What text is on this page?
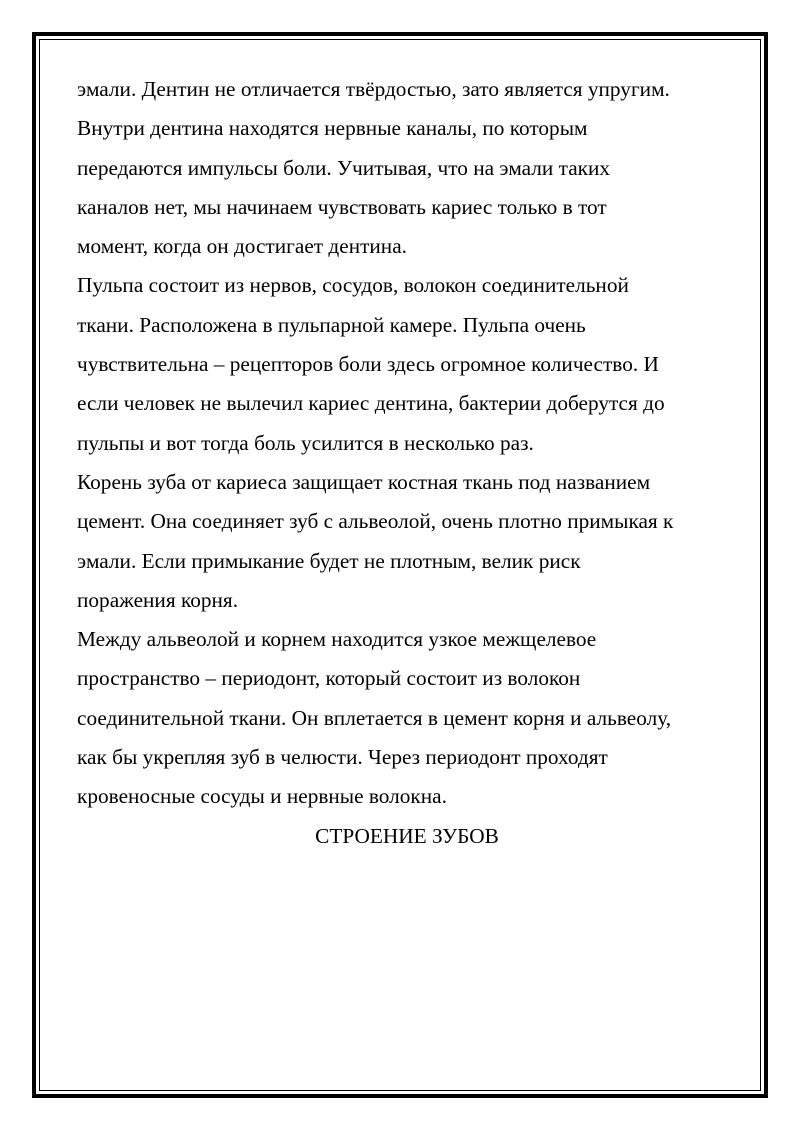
эмали. Дентин не отличается твёрдостью, зато является упругим.

Внутри дентина находятся нервные каналы, по которым

передаются импульсы боли. Учитывая, что на эмали таких

каналов нет, мы начинаем чувствовать кариес только в тот

момент, когда он достигает дентина.

Пульпа состоит из нервов, сосудов, волокон соединительной

ткани. Расположена в пульпарной камере. Пульпа очень

чувствительна – рецепторов боли здесь огромное количество. И

если человек не вылечил кариес дентина, бактерии доберутся до

пульпы и вот тогда боль усилится в несколько раз.

Корень зуба от кариеса защищает костная ткань под названием

цемент. Она соединяет зуб с альвеолой, очень плотно примыкая к

эмали. Если примыкание будет не плотным, велик риск

поражения корня.

Между альвеолой и корнем находится узкое межщелевое

пространство – периодонт, который состоит из волокон

соединительной ткани. Он вплетается в цемент корня и альвеолу,

как бы укрепляя зуб в челюсти. Через периодонт проходят

кровеносные сосуды и нервные волокна.

СТРОЕНИЕ ЗУБОВ
